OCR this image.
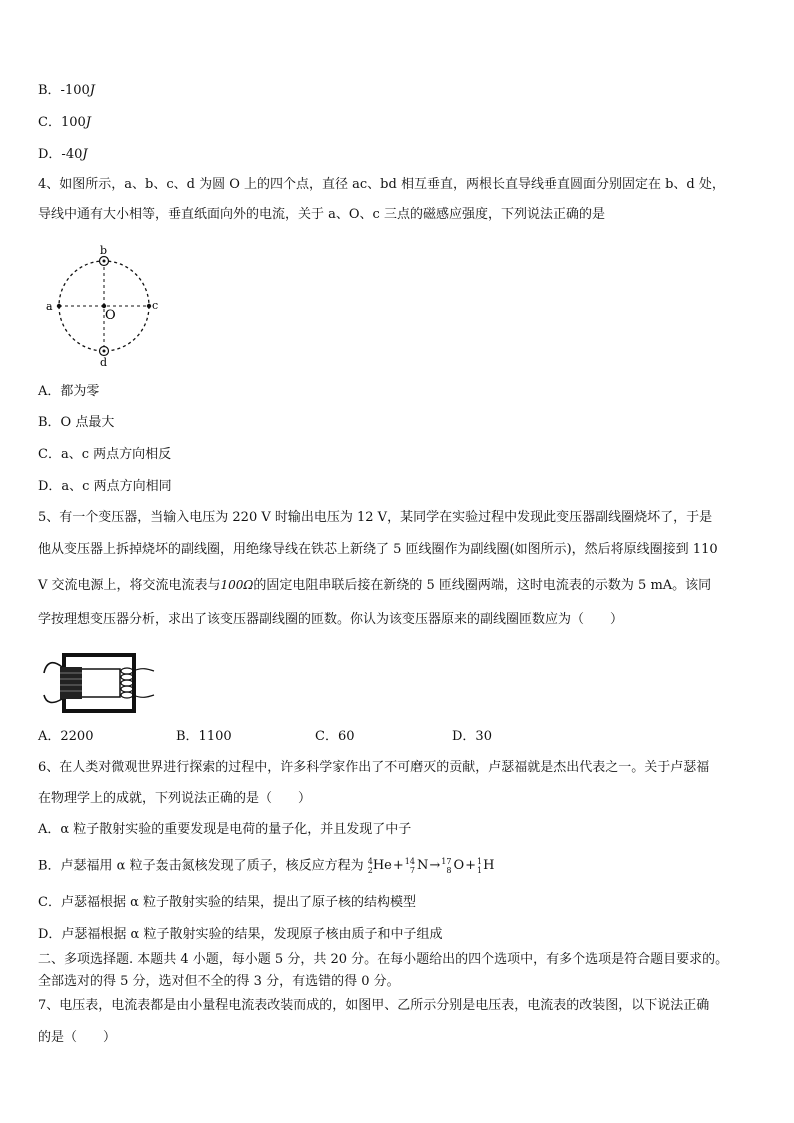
B．-100J
C．100J
D．-40J
4、如图所示，a、b、c、d 为圆 O 上的四个点，直径 ac、bd 相互垂直，两根长直导线垂直圆面分别固定在 b、d 处，
导线中通有大小相等，垂直纸面向外的电流，关于 a、O、c 三点的磁感应强度，下列说法正确的是
b
d
a	c
O
A．都为零
B．O 点最大
C．a、c 两点方向相反
D．a、c 两点方向相同
5、有一个变压器，当输入电压为 220 V 时输出电压为 12 V，某同学在实验过程中发现此变压器副线圈烧坏了，于是
他从变压器上拆掉烧坏的副线圈，用绝缘导线在铁芯上新绕了 5 匝线圈作为副线圈(如图所示)，然后将原线圈接到 110
V 交流电源上，将交流电流表与100Ω的固定电阻串联后接在新绕的 5 匝线圈两端，这时电流表的示数为 5 mA。该同
学按理想变压器分析，求出了该变压器副线圈的匝数。你认为该变压器原来的副线圈匝数应为（　　）
A．2200	B．1100	C．60	D．30
6、在人类对微观世界进行探索的过程中，许多科学家作出了不可磨灭的贡献，卢瑟福就是杰出代表之一。关于卢瑟福
在物理学上的成就，下列说法正确的是（　　）
A．α 粒子散射实验的重要发现是电荷的量子化，并且发现了中子
B．卢瑟福用 α 粒子轰击氮核发现了质子，核反应方程为 4
2 He + 14
7 N → 17
8 O + 1
1 H
C．卢瑟福根据 α 粒子散射实验的结果，提出了原子核的结构模型
D．卢瑟福根据 α 粒子散射实验的结果，发现原子核由质子和中子组成
二、多项选择题. 本题共 4 小题，每小题 5 分，共 20 分。在每小题给出的四个选项中，有多个选项是符合题目要求的。
全部选对的得 5 分，选对但不全的得 3 分，有选错的得 0 分。
7、电压表，电流表都是由小量程电流表改装而成的，如图甲、乙所示分别是电压表，电流表的改装图，以下说法正确
的是（　　）
